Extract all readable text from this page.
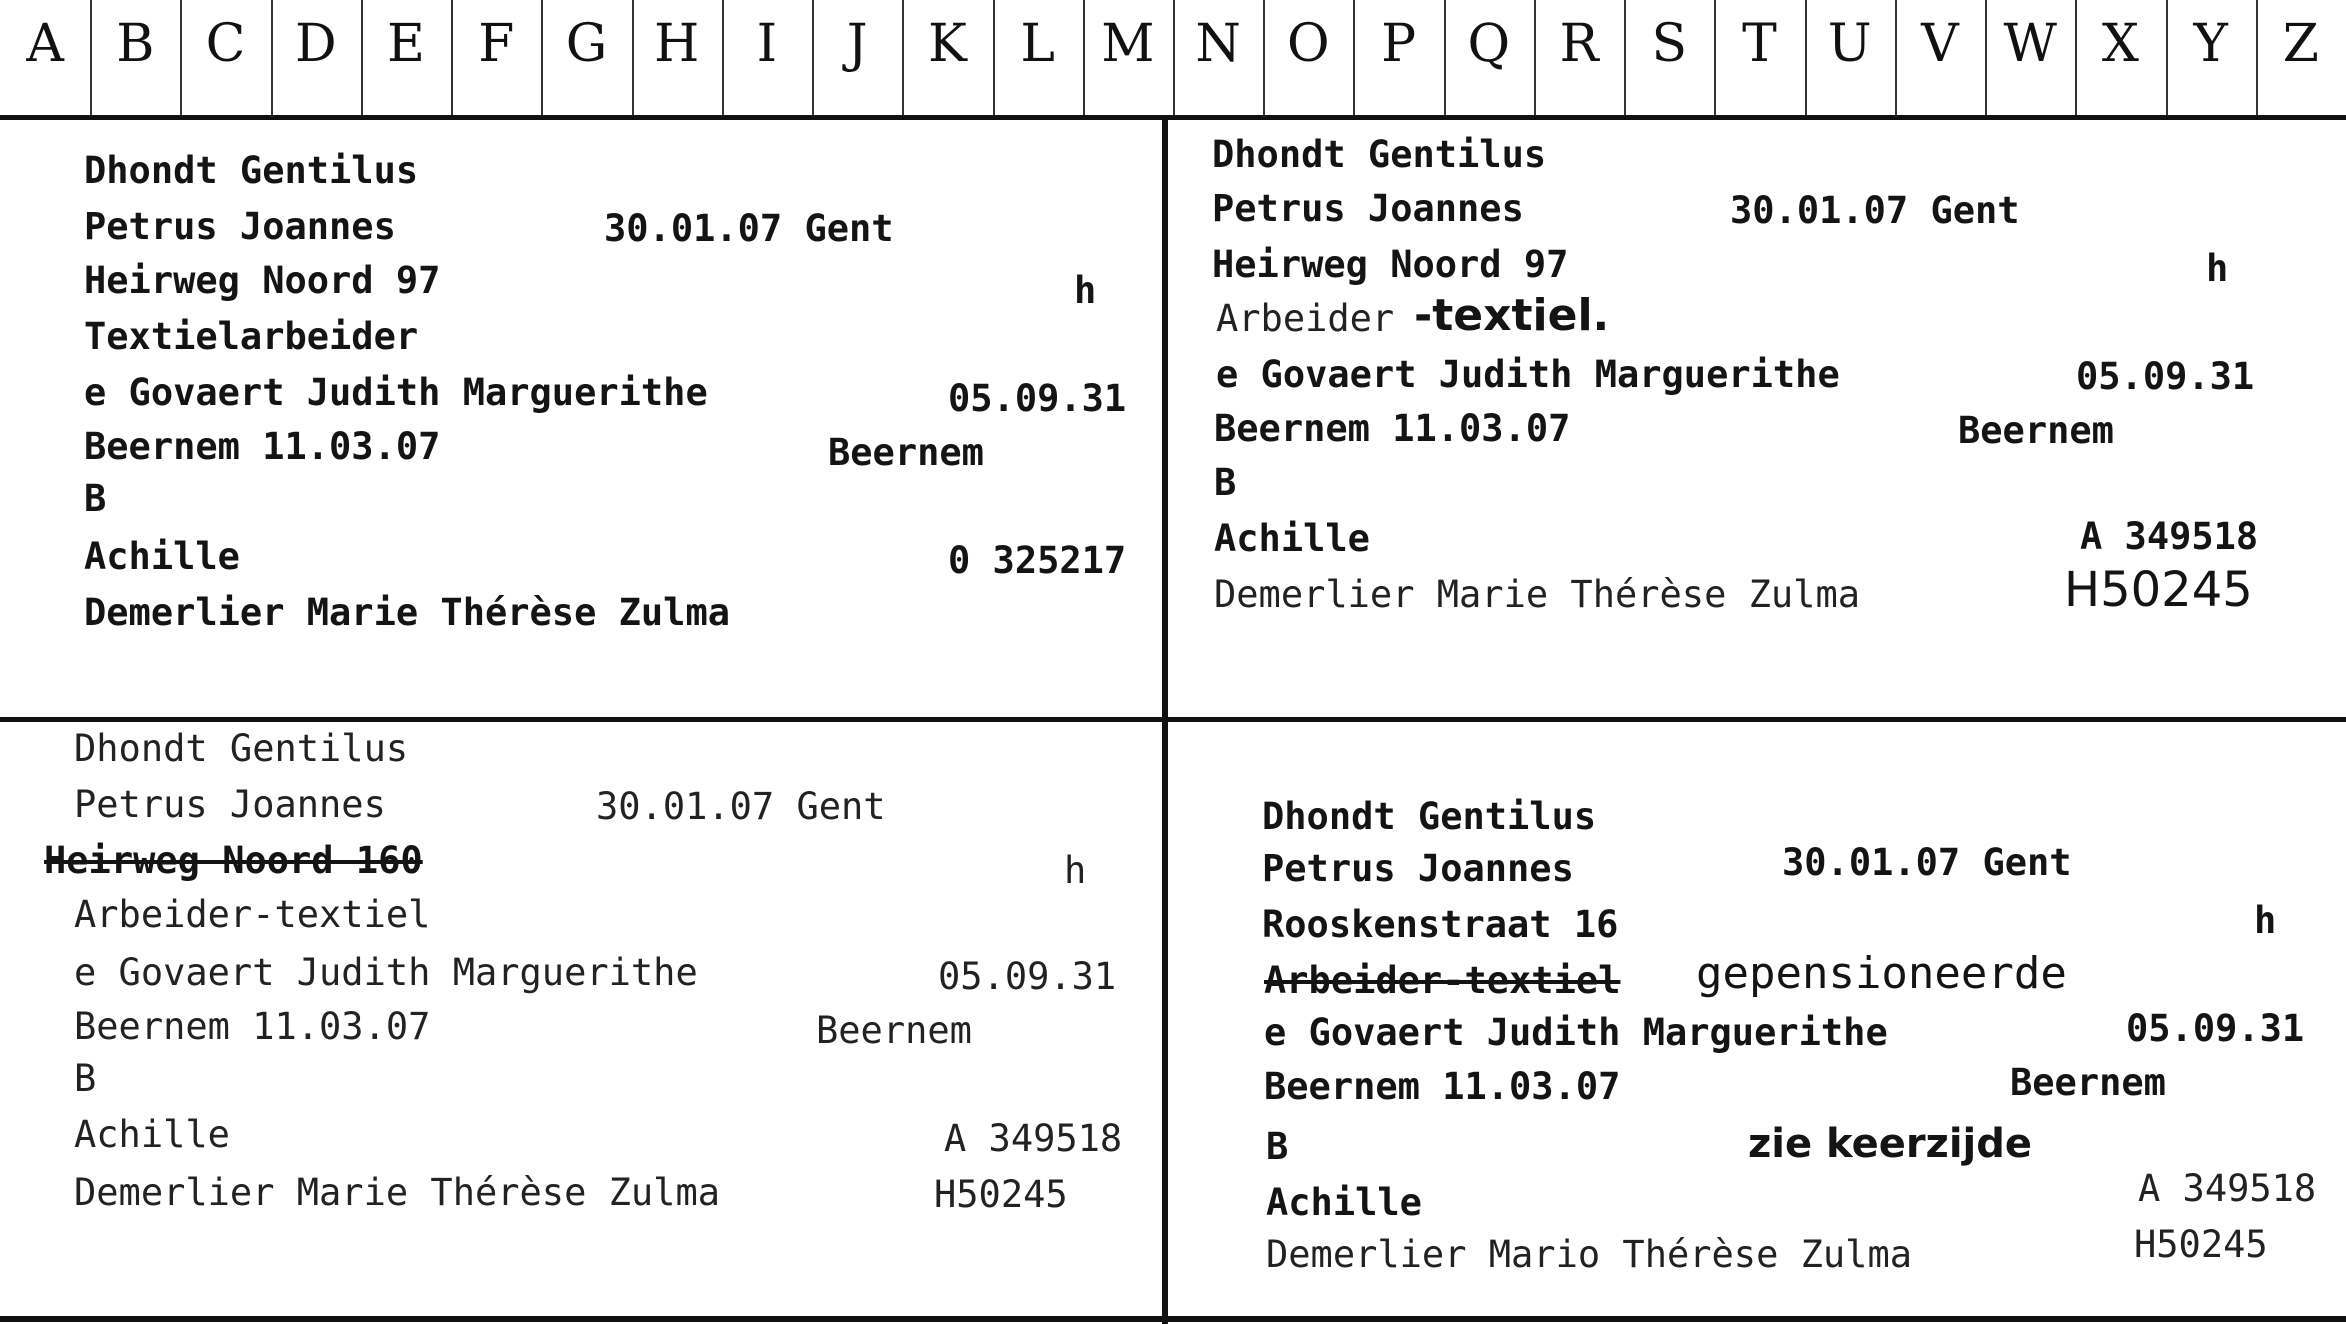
A	B C D E	F G H	I	J	K	L M N O P Q R	S	T U V W X	Y	Z
Dhondt Gentilus
Petrus Joannes	30.01.07 Gent
Heirweg Noord 97	h
Textielarbeider
e Govaert Judith Marguerithe	05.09.31
Beernem 11.03.07	Beernem
B
Achille	0 325217
Demerlier Marie Thérèse Zulma
Dhondt Gentilus
Petrus Joannes	30.01.07 Gent
Heirweg Noord 97	h
Arbeider -textiel.
e Govaert Judith Marguerithe	05.09.31
Beernem 11.03.07	Beernem
B
Achille	A 349518
Demerlier Marie Thérèse Zulma	H50245
Dhondt Gentilus
Petrus Joannes	30.01.07 Gent
Heirweg Noord 160	h
Arbeider-textiel
e Govaert Judith Marguerithe	05.09.31
Beernem 11.03.07	Beernem
B
Achille	A 349518
Demerlier Marie Thérèse Zulma	H50245
Dhondt Gentilus
Petrus Joannes	30.01.07 Gent
Rooskenstraat 16	h
Arbeider-textiel gepensioneerde
e Govaert Judith Marguerithe	05.09.31
Beernem 11.03.07	Beernem
B	zie keerzijde
Achille	A 349518
Demerlier Mario Thérèse Zulma	H50245
